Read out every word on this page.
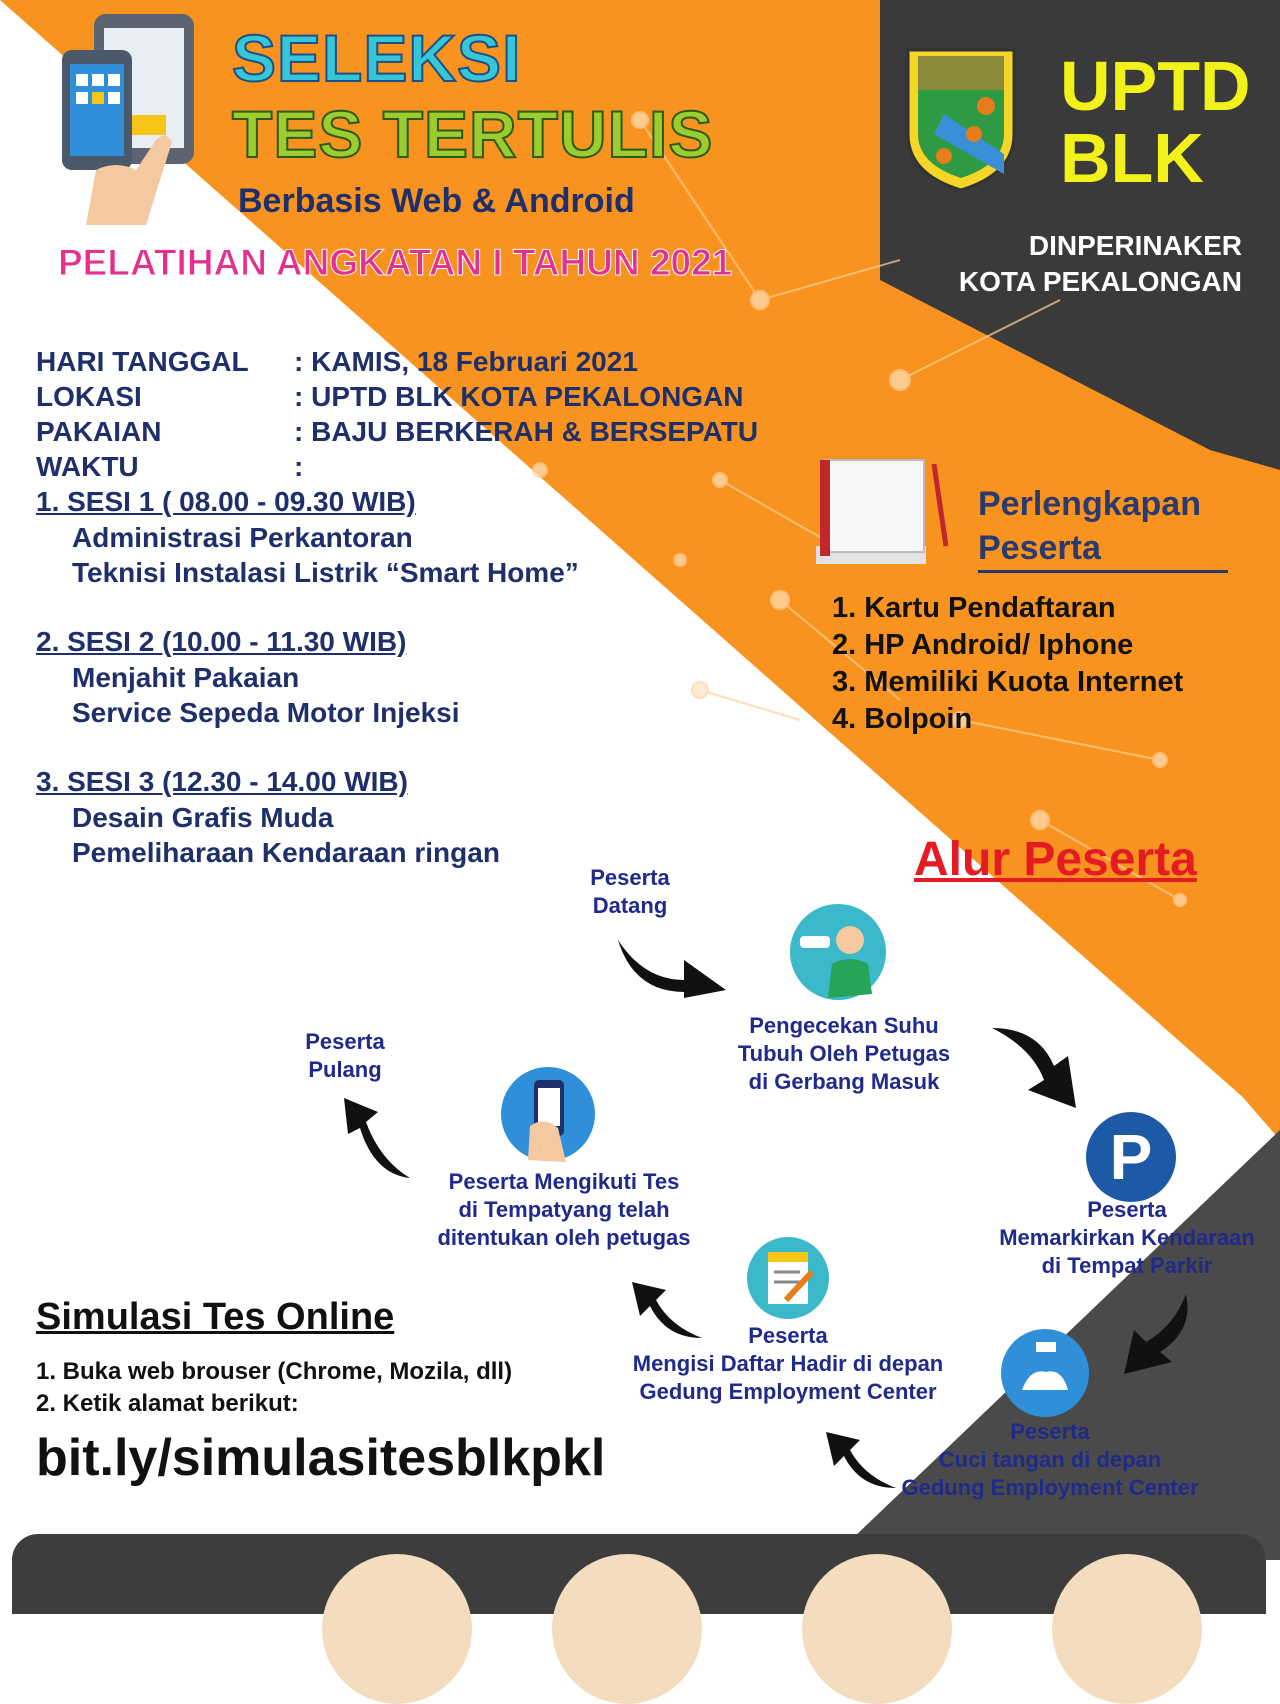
SELEKSI
TES TERTULIS
Berbasis Web & Android
PELATIHAN ANGKATAN I TAHUN 2021
UPTD
BLK
DINPERINAKER
KOTA PEKALONGAN
HARI TANGGAL	: KAMIS, 18 Februari 2021
LOKASI	: UPTD BLK KOTA PEKALONGAN
PAKAIAN	: BAJU BERKERAH & BERSEPATU
WAKTU	:
1. SESI 1 ( 08.00 - 09.30 WIB)
Administrasi Perkantoran
Teknisi Instalasi Listrik “Smart Home”
2. SESI 2 (10.00 - 11.30 WIB)
Menjahit Pakaian
Service Sepeda Motor Injeksi
3. SESI 3 (12.30 - 14.00 WIB)
Desain Grafis Muda
Pemeliharaan Kendaraan ringan
Perlengkapan
Peserta
1. Kartu Pendaftaran
2. HP Android/ Iphone
3. Memiliki Kuota Internet
4. Bolpoin
Alur Peserta
Peserta
Datang
Pengecekan Suhu
Tubuh Oleh Petugas
di Gerbang Masuk
P
Peserta
Memarkirkan Kendaraan
di Tempat Parkir
Peserta
Cuci tangan di depan
Gedung Employment Center
Peserta
Mengisi Daftar Hadir di depan
Gedung Employment Center
Peserta Mengikuti Tes
di Tempatyang telah
ditentukan oleh petugas
Peserta
Pulang
Simulasi Tes Online
1. Buka web brouser (Chrome, Mozila, dll)
2. Ketik alamat berikut:
bit.ly/simulasitesblkpkl
